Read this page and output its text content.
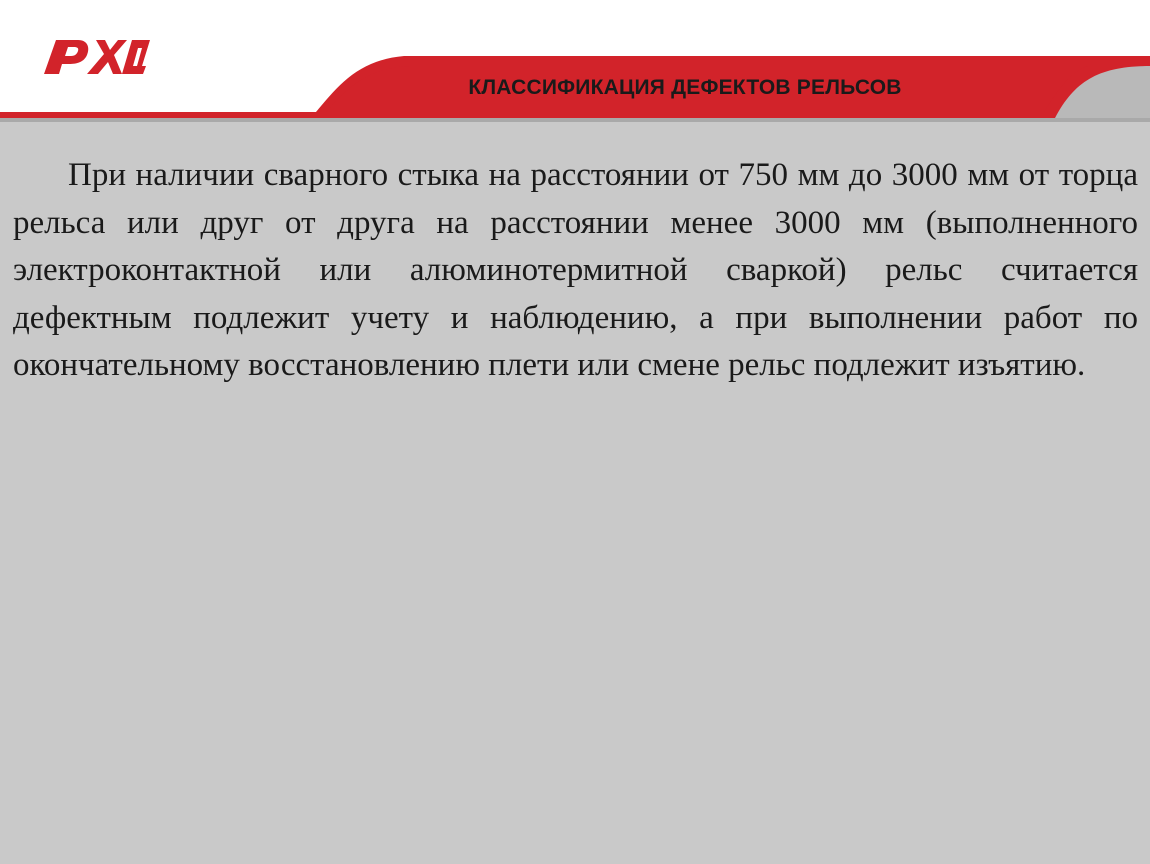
КЛАССИФИКАЦИЯ ДЕФЕКТОВ РЕЛЬСОВ

При наличии сварного стыка на расстоянии от 750 мм до 3000 мм от торца рельса или друг от друга на расстоянии менее 3000 мм (выполненного электроконтактной или алюминотермитной сваркой) рельс считается дефектным подлежит учету и наблюдению, а при выполнении работ по окончательному восстановлению плети или смене рельс подлежит изъятию.
